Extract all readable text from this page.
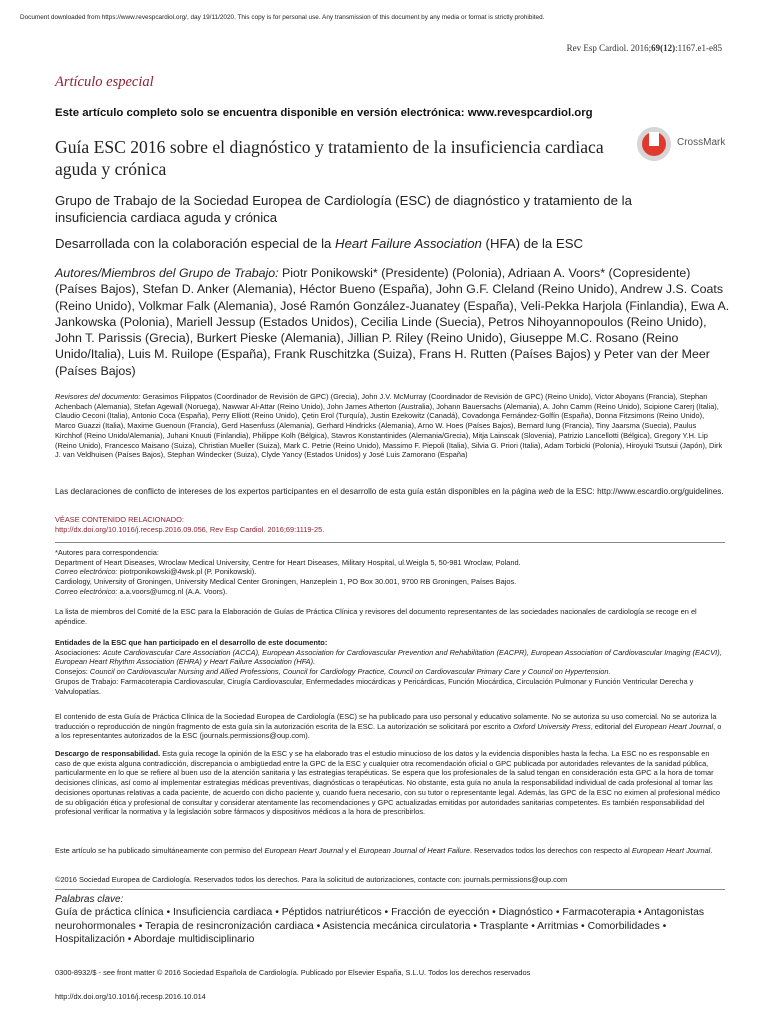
Document downloaded from https://www.revespcardiol.org/, day 19/11/2020. This copy is for personal use. Any transmission of this document by any media or format is strictly prohibited.
Rev Esp Cardiol. 2016;69(12):1167.e1-e85
Artículo especial
Este artículo completo solo se encuentra disponible en versión electrónica: www.revespcardiol.org
Guía ESC 2016 sobre el diagnóstico y tratamiento de la insuficiencia cardiaca aguda y crónica
CrossMark
Grupo de Trabajo de la Sociedad Europea de Cardiología (ESC) de diagnóstico y tratamiento de la insuficiencia cardiaca aguda y crónica
Desarrollada con la colaboración especial de la Heart Failure Association (HFA) de la ESC
Autores/Miembros del Grupo de Trabajo: Piotr Ponikowski* (Presidente) (Polonia), Adriaan A. Voors* (Copresidente) (Países Bajos), Stefan D. Anker (Alemania), Héctor Bueno (España), John G.F. Cleland (Reino Unido), Andrew J.S. Coats (Reino Unido), Volkmar Falk (Alemania), José Ramón González-Juanatey (España), Veli-Pekka Harjola (Finlandia), Ewa A. Jankowska (Polonia), Mariell Jessup (Estados Unidos), Cecilia Linde (Suecia), Petros Nihoyannopoulos (Reino Unido), John T. Parissis (Grecia), Burkert Pieske (Alemania), Jillian P. Riley (Reino Unido), Giuseppe M.C. Rosano (Reino Unido/Italia), Luis M. Ruilope (España), Frank Ruschitzka (Suiza), Frans H. Rutten (Países Bajos) y Peter van der Meer (Países Bajos)
Revisores del documento: Gerasimos Filippatos (Coordinador de Revisión de GPC) (Grecia), John J.V. McMurray (Coordinador de Revisión de GPC) (Reino Unido), Victor Aboyans (Francia), Stephan Achenbach (Alemania), Stefan Agewall (Noruega), Nawwar Al-Attar (Reino Unido), John James Atherton (Australia), Johann Bauersachs (Alemania), A. John Camm (Reino Unido), Scipione Carerj (Italia), Claudio Ceconi (Italia), Antonio Coca (España), Perry Elliott (Reino Unido), Çetin Erol (Turquía), Justin Ezekowitz (Canadá), Covadonga Fernández-Golfín (España), Donna Fitzsimons (Reino Unido), Marco Guazzi (Italia), Maxime Guenoun (Francia), Gerd Hasenfuss (Alemania), Gerhard Hindricks (Alemania), Arno W. Hoes (Países Bajos), Bernard Iung (Francia), Tiny Jaarsma (Suecia), Paulus Kirchhof (Reino Unido/Alemania), Juhani Knuuti (Finlandia), Philippe Kolh (Bélgica), Stavros Konstantinides (Alemania/Grecia), Mitja Lainscak (Slovenia), Patrizio Lancellotti (Bélgica), Gregory Y.H. Lip (Reino Unido), Francesco Maisano (Suiza), Christian Mueller (Suiza), Mark C. Petrie (Reino Unido), Massimo F. Piepoli (Italia), Silvia G. Priori (Italia), Adam Torbicki (Polonia), Hiroyuki Tsutsui (Japón), Dirk J. van Veldhuisen (Países Bajos), Stephan Windecker (Suiza), Clyde Yancy (Estados Unidos) y José Luis Zamorano (España)
Las declaraciones de conflicto de intereses de los expertos participantes en el desarrollo de esta guía están disponibles en la página web de la ESC: http://www.escardio.org/guidelines.
VÉASE CONTENIDO RELACIONADO:
http://dx.doi.org/10.1016/j.recesp.2016.09.056, Rev Esp Cardiol. 2016;69:1119-25.
*Autores para correspondencia:
Department of Heart Diseases, Wroclaw Medical University, Centre for Heart Diseases, Military Hospital, ul.Weigla 5, 50-981 Wroclaw, Poland.
Correo electrónico: piotrponikowski@4wsk.pl (P. Ponikowski).
Cardiology, University of Groningen, University Medical Center Groningen, Hanzeplein 1, PO Box 30.001, 9700 RB Groningen, Países Bajos.
Correo electrónico: a.a.voors@umcg.nl (A.A. Voors).
La lista de miembros del Comité de la ESC para la Elaboración de Guías de Práctica Clínica y revisores del documento representantes de las sociedades nacionales de cardiología se recoge en el apéndice.
Entidades de la ESC que han participado en el desarrollo de este documento:
Asociaciones: Acute Cardiovascular Care Association (ACCA), European Association for Cardiovascular Prevention and Rehabilitation (EACPR), European Association of Cardiovascular Imaging (EACVI), European Heart Rhythm Association (EHRA) y Heart Failure Association (HFA).
Consejos: Council on Cardiovascular Nursing and Allied Professions, Council for Cardiology Practice, Council on Cardiovascular Primary Care y Council on Hypertension.
Grupos de Trabajo: Farmacoterapia Cardiovascular, Cirugía Cardiovascular, Enfermedades miocárdicas y Pericárdicas, Función Miocárdica, Circulación Pulmonar y Función Ventricular Derecha y Valvulopatías.
El contenido de esta Guía de Práctica Clínica de la Sociedad Europea de Cardiología (ESC) se ha publicado para uso personal y educativo solamente. No se autoriza su uso comercial. No se autoriza la traducción o reproducción de ningún fragmento de esta guía sin la autorización escrita de la ESC. La autorización se solicitará por escrito a Oxford University Press, editorial del European Heart Journal, o a los representantes autorizados de la ESC (journals.permissions@oup.com).
Descargo de responsabilidad. Esta guía recoge la opinión de la ESC y se ha elaborado tras el estudio minucioso de los datos y la evidencia disponibles hasta la fecha. La ESC no es responsable en caso de que exista alguna contradicción, discrepancia o ambigüedad entre la GPC de la ESC y cualquier otra recomendación oficial o GPC publicada por autoridades relevantes de la sanidad pública, particularmente en lo que se refiere al buen uso de la atención sanitaria y las estrategias terapéuticas. Se espera que los profesionales de la salud tengan en consideración esta GPC a la hora de tomar decisiones clínicas, así como al implementar estrategias médicas preventivas, diagnósticas o terapéuticas. No obstante, esta guía no anula la responsabilidad individual de cada profesional al tomar las decisiones oportunas relativas a cada paciente, de acuerdo con dicho paciente y, cuando fuera necesario, con su tutor o representante legal. Además, las GPC de la ESC no eximen al profesional médico de su obligación ética y profesional de consultar y considerar atentamente las recomendaciones y GPC actualizadas emitidas por autoridades sanitarias competentes. Es también responsabilidad del profesional verificar la normativa y la legislación sobre fármacos y dispositivos médicos a la hora de prescribirlos.
Este artículo se ha publicado simultáneamente con permiso del European Heart Journal y el European Journal of Heart Failure. Reservados todos los derechos con respecto al European Heart Journal.
©2016 Sociedad Europea de Cardiología. Reservados todos los derechos. Para la solicitud de autorizaciones, contacte con: journals.permissions@oup.com
Palabras clave:
Guía de práctica clínica • Insuficiencia cardiaca • Péptidos natriuréticos • Fracción de eyección • Diagnóstico • Farmacoterapia • Antagonistas neurohormonales • Terapia de resincronización cardiaca • Asistencia mecánica circulatoria • Trasplante • Arritmias • Comorbilidades • Hospitalización • Abordaje multidisciplinario
0300-8932/$ - see front matter © 2016 Sociedad Española de Cardiología. Publicado por Elsevier España, S.L.U. Todos los derechos reservados
http://dx.doi.org/10.1016/j.recesp.2016.10.014
